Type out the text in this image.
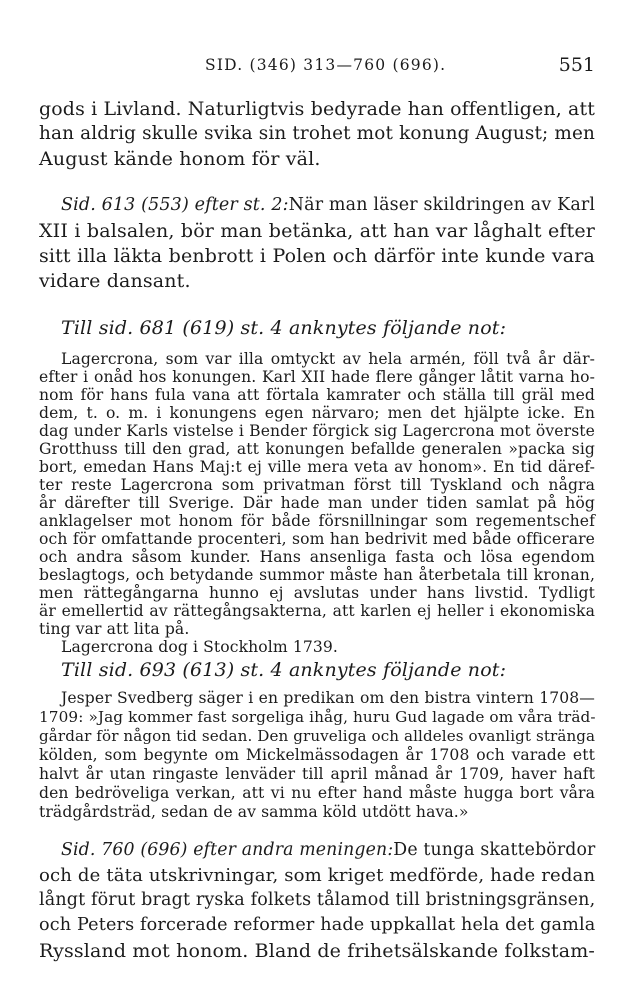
SID. (346) 313—760 (696).	551
gods i Livland. Naturligtvis bedyrade han offentligen, att
han aldrig skulle svika sin trohet mot konung August; men
August kände honom för väl.
Sid. 613 (553) efter st. 2: När man läser skildringen av Karl
XII i balsalen, bör man betänka, att han var låghalt efter
sitt illa läkta benbrott i Polen och därför inte kunde vara
vidare dansant.
Till sid. 681 (619) st. 4 anknytes följande not:
Lagercrona, som var illa omtyckt av hela armén, föll två år där-
efter i onåd hos konungen. Karl XII hade flere gånger låtit varna ho-
nom för hans fula vana att förtala kamrater och ställa till gräl med
dem, t. o. m. i konungens egen närvaro; men det hjälpte icke. En
dag under Karls vistelse i Bender förgick sig Lagercrona mot överste
Grotthuss till den grad, att konungen befallde generalen »packa sig
bort, emedan Hans Maj:t ej ville mera veta av honom». En tid däref-
ter reste Lagercrona som privatman först till Tyskland och några
år därefter till Sverige. Där hade man under tiden samlat på hög
anklagelser mot honom för både försnillningar som regementschef
och för omfattande procenteri, som han bedrivit med både officerare
och andra såsom kunder. Hans ansenliga fasta och lösa egendom
beslagtogs, och betydande summor måste han återbetala till kronan,
men rättegångarna hunno ej avslutas under hans livstid. Tydligt
är emellertid av rättegångsakterna, att karlen ej heller i ekonomiska
ting var att lita på.
Lagercrona dog i Stockholm 1739.
Till sid. 693 (613) st. 4 anknytes följande not:
Jesper Svedberg säger i en predikan om den bistra vintern 1708—
1709: »Jag kommer fast sorgeliga ihåg, huru Gud lagade om våra träd-
gårdar för någon tid sedan. Den gruveliga och alldeles ovanligt stränga
kölden, som begynte om Mickelmässodagen år 1708 och varade ett
halvt år utan ringaste lenväder till april månad år 1709, haver haft
den bedröveliga verkan, att vi nu efter hand måste hugga bort våra
trädgårdsträd, sedan de av samma köld utdött hava.»
Sid. 760 (696) efter andra meningen: De tunga skattebördor
och de täta utskrivningar, som kriget medförde, hade redan
långt förut bragt ryska folkets tålamod till bristningsgränsen,
och Peters forcerade reformer hade uppkallat hela det gamla
Ryssland mot honom. Bland de frihetsälskande folkstam-
